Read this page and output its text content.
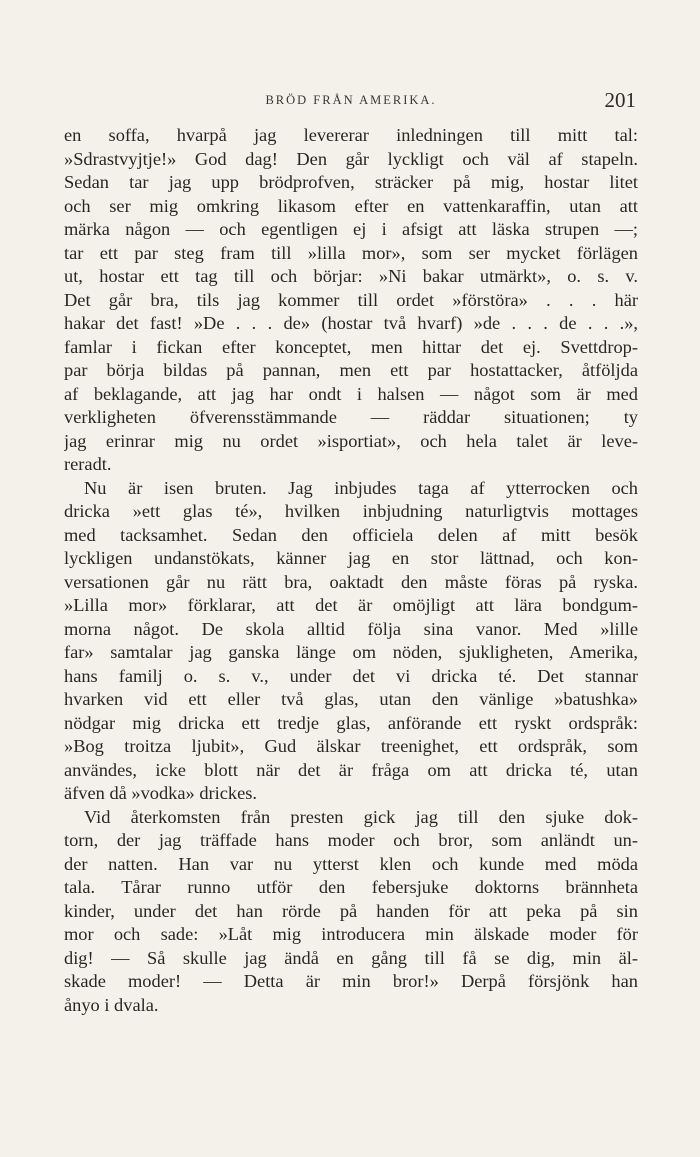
BRÖD FRÅN AMERIKA.	201
en soffa, hvarpå jag levererar inledningen till mitt tal:
»Sdrastvyjtje!» God dag! Den går lyckligt och väl af stapeln.
Sedan tar jag upp brödprofven, sträcker på mig, hostar litet
och ser mig omkring likasom efter en vattenkaraffin, utan att
märka någon — och egentligen ej i afsigt att läska strupen —;
tar ett par steg fram till »lilla mor», som ser mycket förlägen
ut, hostar ett tag till och börjar: »Ni bakar utmärkt», o. s. v.
Det går bra, tils jag kommer till ordet »förstöra» . . . här
hakar det fast! »De . . . de» (hostar två hvarf) »de . . . de . . .»,
famlar i fickan efter konceptet, men hittar det ej. Svettdrop-
par börja bildas på pannan, men ett par hostattacker, åtföljda
af beklagande, att jag har ondt i halsen — något som är med
verkligheten öfverensstämmande — räddar situationen; ty
jag erinrar mig nu ordet »isportiat», och hela talet är leve-
reradt.
Nu är isen bruten. Jag inbjudes taga af ytterrocken och
dricka »ett glas té», hvilken inbjudning naturligtvis mottages
med tacksamhet. Sedan den officiela delen af mitt besök
lyckligen undanstökats, känner jag en stor lättnad, och kon-
versationen går nu rätt bra, oaktadt den måste föras på ryska.
»Lilla mor» förklarar, att det är omöjligt att lära bondgum-
morna något. De skola alltid följa sina vanor. Med »lille
far» samtalar jag ganska länge om nöden, sjukligheten, Amerika,
hans familj o. s. v., under det vi dricka té. Det stannar
hvarken vid ett eller två glas, utan den vänlige »batushka»
nödgar mig dricka ett tredje glas, anförande ett ryskt ordspråk:
»Bog troitza ljubit», Gud älskar treenighet, ett ordspråk, som
användes, icke blott när det är fråga om att dricka té, utan
äfven då »vodka» drickes.
Vid återkomsten från presten gick jag till den sjuke dok-
torn, der jag träffade hans moder och bror, som anländt un-
der natten. Han var nu ytterst klen och kunde med möda
tala. Tårar runno utför den febersjuke doktorns brännheta
kinder, under det han rörde på handen för att peka på sin
mor och sade: »Låt mig introducera min älskade moder för
dig! — Så skulle jag ändå en gång till få se dig, min äl-
skade moder! — Detta är min bror!» Derpå försjönk han
ånyo i dvala.
